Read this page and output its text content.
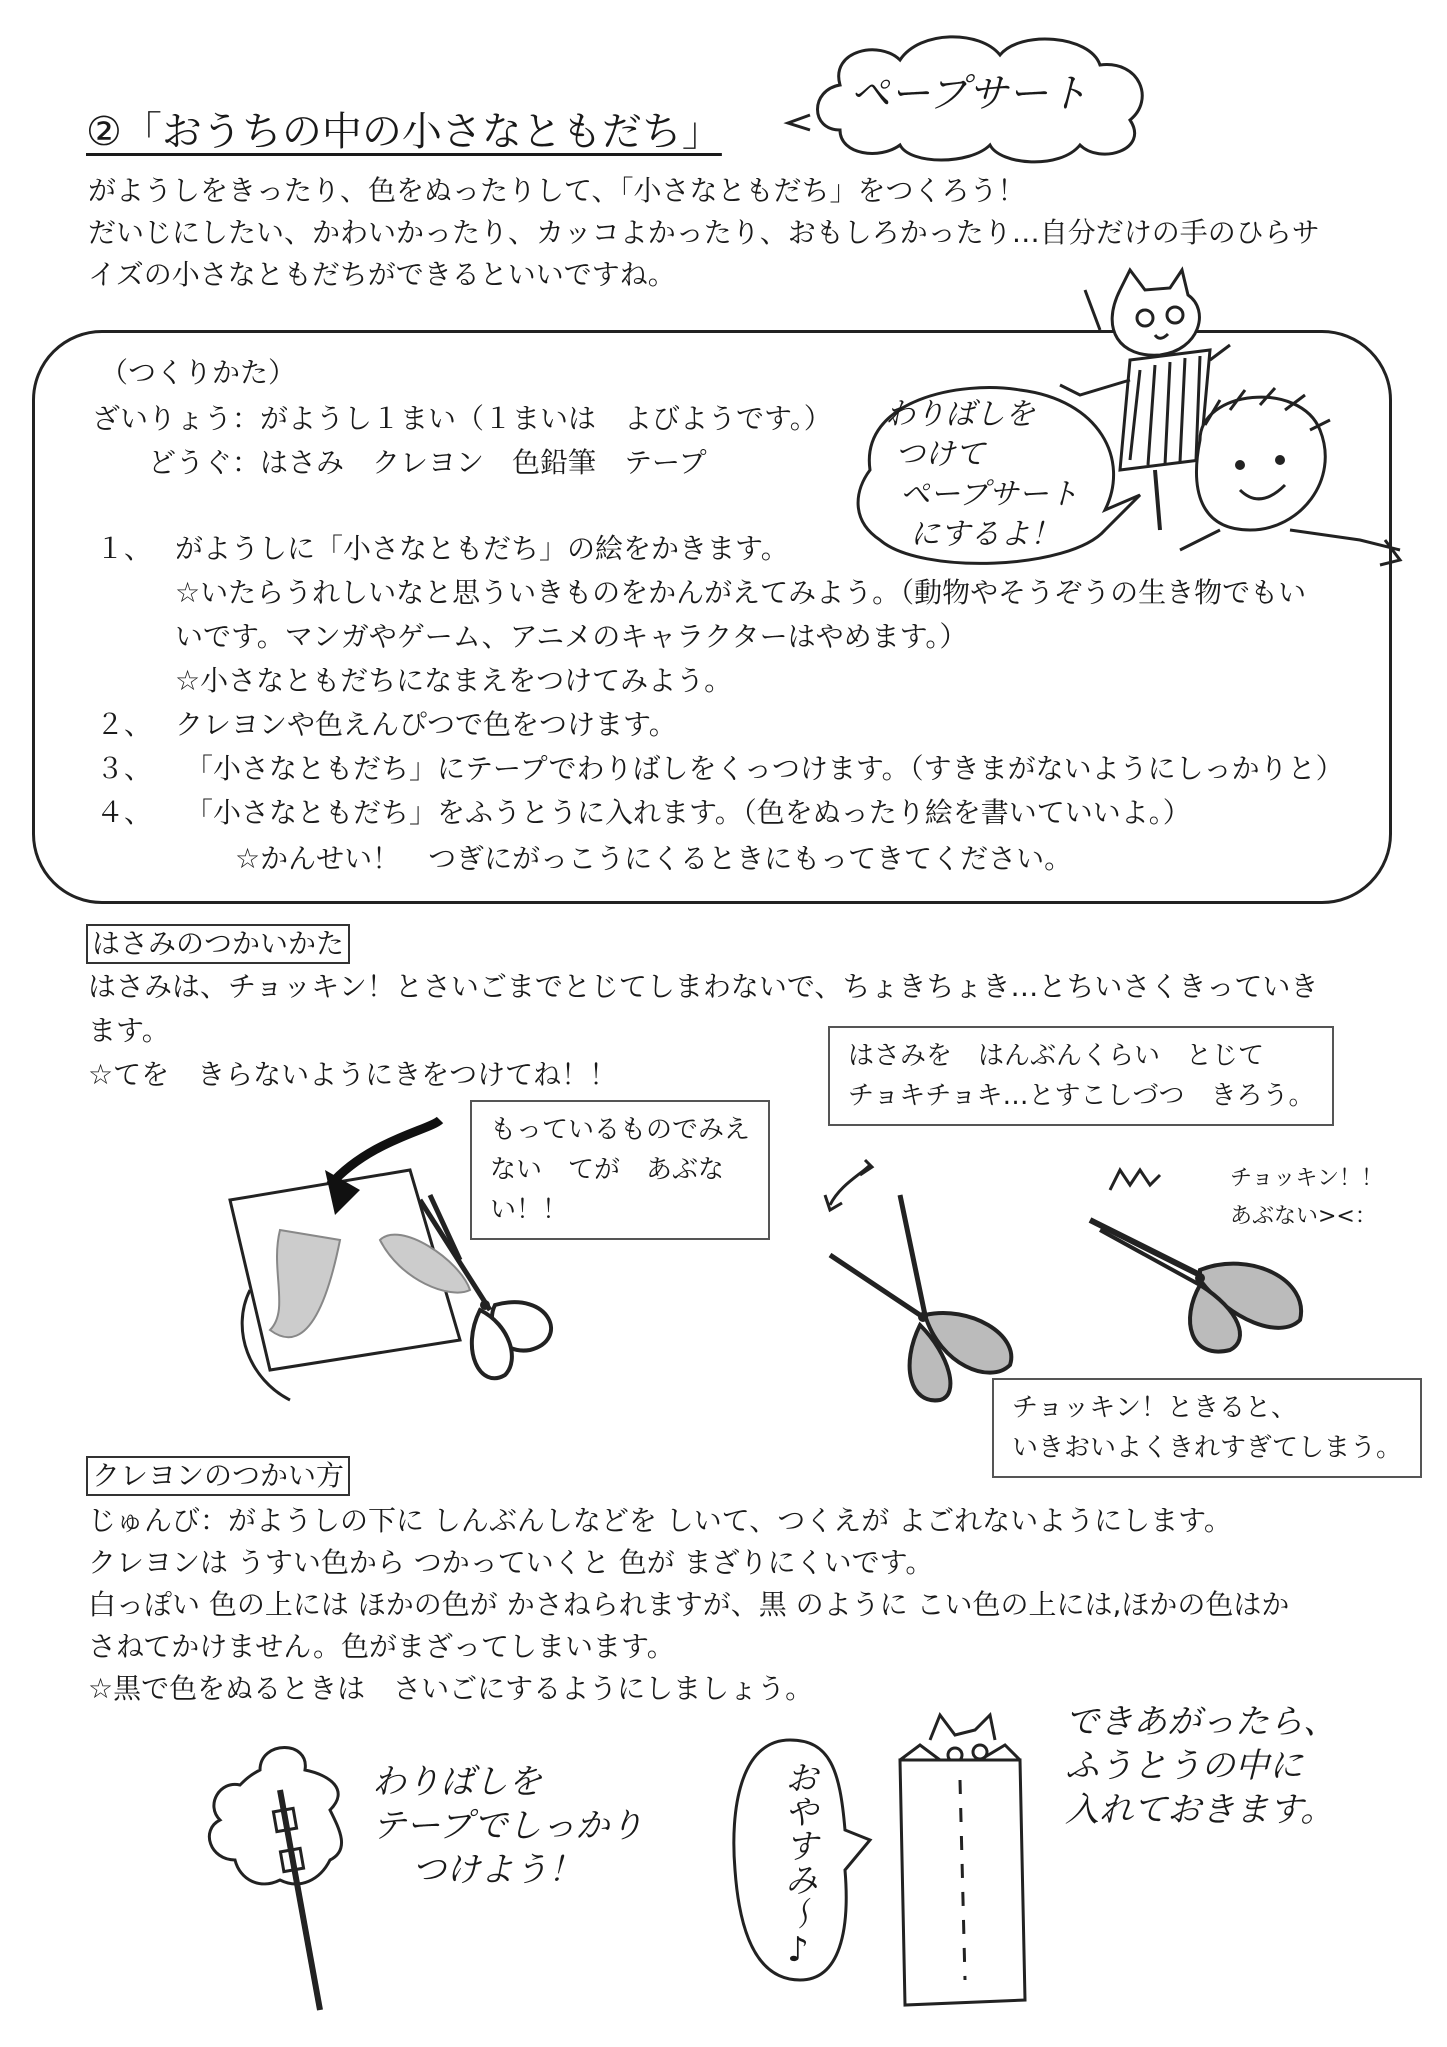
②「おうちの中の小さなともだち」
ペープサート
がようしをきったり、色をぬったりして、「小さなともだち」をつくろう！
だいじにしたい、かわいかったり、カッコよかったり、おもしろかったり…自分だけの手のひらサ
イズの小さなともだちができるといいですね。
（つくりかた）
ざいりょう：がようし１まい（１まいは　よびようです。）
どうぐ：はさみ　クレヨン　色鉛筆　テープ
１、 がようしに「小さなともだち」の絵をかきます。
☆いたらうれしいなと思ういきものをかんがえてみよう。（動物やそうぞうの生き物でもい
いです。マンガやゲーム、アニメのキャラクターはやめます。）
☆小さなともだちになまえをつけてみよう。
２、 クレヨンや色えんぴつで色をつけます。
３、 「小さなともだち」にテープでわりばしをくっつけます。（すきまがないようにしっかりと）
４、 「小さなともだち」をふうとうに入れます。（色をぬったり絵を書いていいよ。）
☆かんせい！　つぎにがっこうにくるときにもってきてください。
わりばしを
つけて
ペープサート
にするよ！
はさみのつかいかた
はさみは、チョッキン！とさいごまでとじてしまわないで、ちょきちょき…とちいさくきっていき
ます。
☆てを　きらないようにきをつけてね！！
もっているものでみえ
ない　てが　あぶな
い！！
はさみを　はんぶんくらい　とじて
チョキチョキ…とすこしづつ　きろう。
チョッキン！！
あぶない><：
チョッキン！ときると、
いきおいよくきれすぎてしまう。
クレヨンのつかい方
じゅんび：がようしの下に しんぶんしなどを しいて、つくえが よごれないようにします。
クレヨンは うすい色から つかっていくと 色が まざりにくいです。
白っぽい 色の上には ほかの色が かさねられますが、黒 のように こい色の上には,ほかの色はか
さねてかけません。色がまざってしまいます。
☆黒で色をぬるときは　さいごにするようにしましょう。
わりばしを
テープでしっかり
つけよう！	おやすみ〜♪
できあがったら、
ふうとうの中に
入れておきます。
